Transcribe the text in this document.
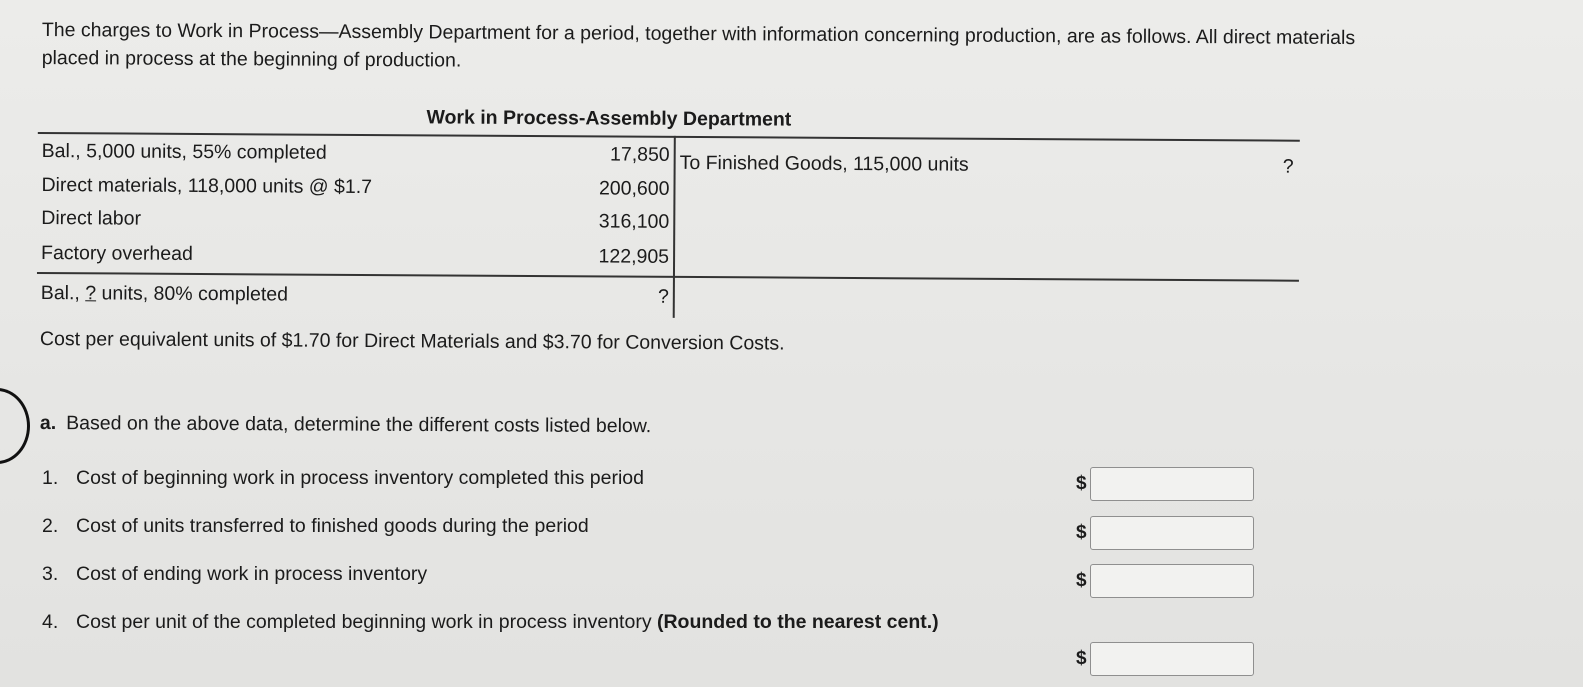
The charges to Work in Process—Assembly Department for a period, together with information concerning production, are as follows. All direct materials

placed in process at the beginning of production.

Work in Process-Assembly Department
Bal., 5,000 units, 55% completed	17,850
Direct materials, 118,000 units @ $1.7	200,600
Direct labor	316,100
Factory overhead	122,905
Bal., ? units, 80% completed	?
To Finished Goods, 115,000 units	?
Cost per equivalent units of $1.70 for Direct Materials and $3.70 for Conversion Costs.
a. Based on the above data, determine the different costs listed below.
1. Cost of beginning work in process inventory completed this period	$
2. Cost of units transferred to finished goods during the period	$
3. Cost of ending work in process inventory	$
4. Cost per unit of the completed beginning work in process inventory (Rounded to the nearest cent.)
$
